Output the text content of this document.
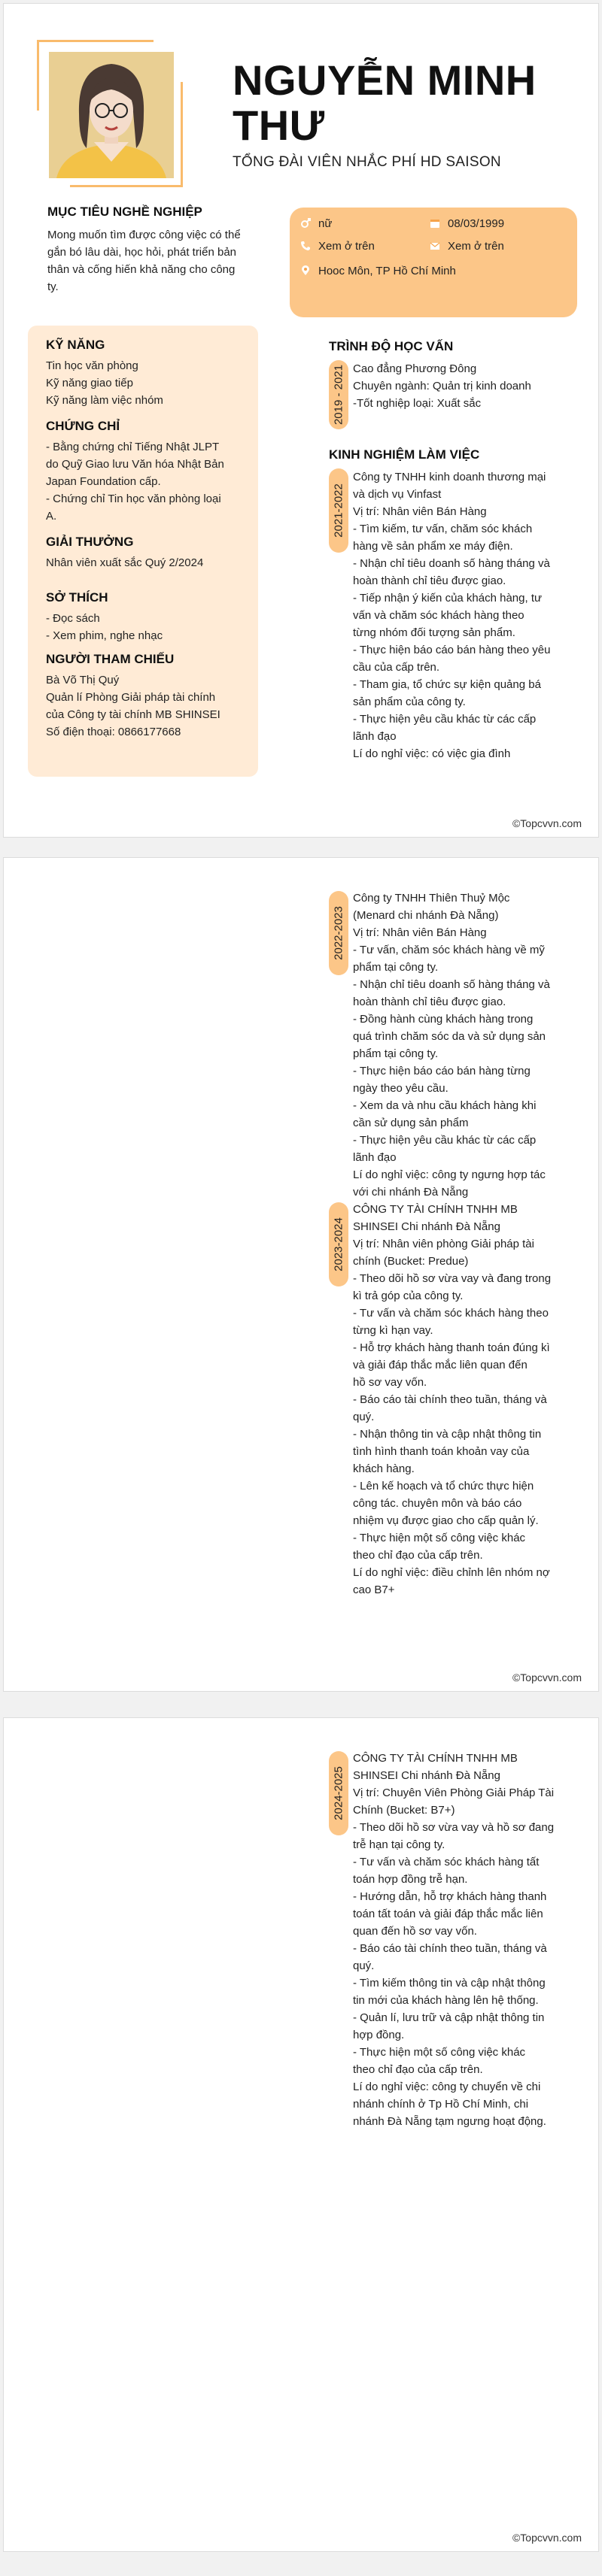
NGUYỄN MINH
THƯ
TỔNG ĐÀI VIÊN NHẮC PHÍ HD SAISON
MỤC TIÊU NGHỀ NGHIỆP
Mong muốn tìm được công việc có thể
gắn bó lâu dài, học hỏi, phát triển bản
thân và cống hiến khả năng cho công
ty.
nữ	08/03/1999
Xem ở trên	Xem ở trên
Hooc Môn, TP Hồ Chí Minh
KỸ NĂNG
Tin học văn phòng
Kỹ năng giao tiếp
Kỹ năng làm việc nhóm
CHỨNG CHỈ
- Bằng chứng chỉ Tiếng Nhật JLPT
do Quỹ Giao lưu Văn hóa Nhật Bản
Japan Foundation cấp.
- Chứng chỉ Tin học văn phòng loại
A.
GIẢI THƯỞNG
Nhân viên xuất sắc Quý 2/2024
SỞ THÍCH
- Đọc sách
- Xem phim, nghe nhạc
NGƯỜI THAM CHIẾU
Bà Võ Thị Quý
Quản lí Phòng Giải pháp tài chính
của Công ty tài chính MB SHINSEI
Số điện thoại: 0866177668
TRÌNH ĐỘ HỌC VẤN
2019 - 2021 Cao đẳng Phương Đông
Chuyên ngành: Quản trị kinh doanh
-Tốt nghiệp loại: Xuất sắc
KINH NGHIỆM LÀM VIỆC
2021-2022
Công ty TNHH kinh doanh thương mại
và dịch vụ Vinfast
Vị trí: Nhân viên Bán Hàng
- Tìm kiếm, tư vấn, chăm sóc khách
hàng về sản phẩm xe máy điện.
- Nhận chỉ tiêu doanh số hàng tháng và
hoàn thành chỉ tiêu được giao.
- Tiếp nhận ý kiến của khách hàng, tư
vấn và chăm sóc khách hàng theo
từng nhóm đối tượng sản phẩm.
- Thực hiện báo cáo bán hàng theo yêu
cầu của cấp trên.
- Tham gia, tổ chức sự kiện quảng bá
sản phẩm của công ty.
- Thực hiện yêu cầu khác từ các cấp
lãnh đạo
Lí do nghỉ việc: có việc gia đình
©Topcvvn.com
2022-2023
Công ty TNHH Thiên Thuỷ Mộc
(Menard chi nhánh Đà Nẵng)
Vị trí: Nhân viên Bán Hàng
- Tư vấn, chăm sóc khách hàng về mỹ
phẩm tại công ty.
- Nhận chỉ tiêu doanh số hàng tháng và
hoàn thành chỉ tiêu được giao.
- Đồng hành cùng khách hàng trong
quá trình chăm sóc da và sử dụng sản
phẩm tại công ty.
- Thực hiện báo cáo bán hàng từng
ngày theo yêu cầu.
- Xem da và nhu cầu khách hàng khi
cần sử dụng sản phẩm
- Thực hiện yêu cầu khác từ các cấp
lãnh đạo
Lí do nghỉ việc: công ty ngưng hợp tác
với chi nhánh Đà Nẵng
2023-2024
CÔNG TY TÀI CHÍNH TNHH MB
SHINSEI Chi nhánh Đà Nẵng
Vị trí: Nhân viên phòng Giải pháp tài
chính (Bucket: Predue)
- Theo dõi hồ sơ vừa vay và đang trong
kì trả góp của công ty.
- Tư vấn và chăm sóc khách hàng theo
từng kì hạn vay.
- Hỗ trợ khách hàng thanh toán đúng kì
và giải đáp thắc mắc liên quan đến
hồ sơ vay vốn.
- Báo cáo tài chính theo tuần, tháng và
quý.
- Nhận thông tin và cập nhật thông tin
tình hình thanh toán khoản vay của
khách hàng.
- Lên kế hoạch và tổ chức thực hiện
công tác. chuyên môn và báo cáo
nhiệm vụ được giao cho cấp quản lý.
- Thực hiện một số công việc khác
theo chỉ đạo của cấp trên.
Lí do nghỉ việc: điều chỉnh lên nhóm nợ
cao B7+
©Topcvvn.com
2024-2025
CÔNG TY TÀI CHÍNH TNHH MB
SHINSEI Chi nhánh Đà Nẵng
Vị trí: Chuyên Viên Phòng Giải Pháp Tài
Chính (Bucket: B7+)
- Theo dõi hồ sơ vừa vay và hồ sơ đang
trễ hạn tại công ty.
- Tư vấn và chăm sóc khách hàng tất
toán hợp đồng trễ hạn.
- Hướng dẫn, hỗ trợ khách hàng thanh
toán tất toán và giải đáp thắc mắc liên
quan đến hồ sơ vay vốn.
- Báo cáo tài chính theo tuần, tháng và
quý.
- Tìm kiếm thông tin và cập nhật thông
tin mới của khách hàng lên hệ thống.
- Quản lí, lưu trữ và cập nhật thông tin
hợp đồng.
- Thực hiện một số công việc khác
theo chỉ đạo của cấp trên.
Lí do nghỉ việc: công ty chuyển về chi
nhánh chính ở Tp Hồ Chí Minh, chi
nhánh Đà Nẵng tạm ngưng hoạt động.
©Topcvvn.com
